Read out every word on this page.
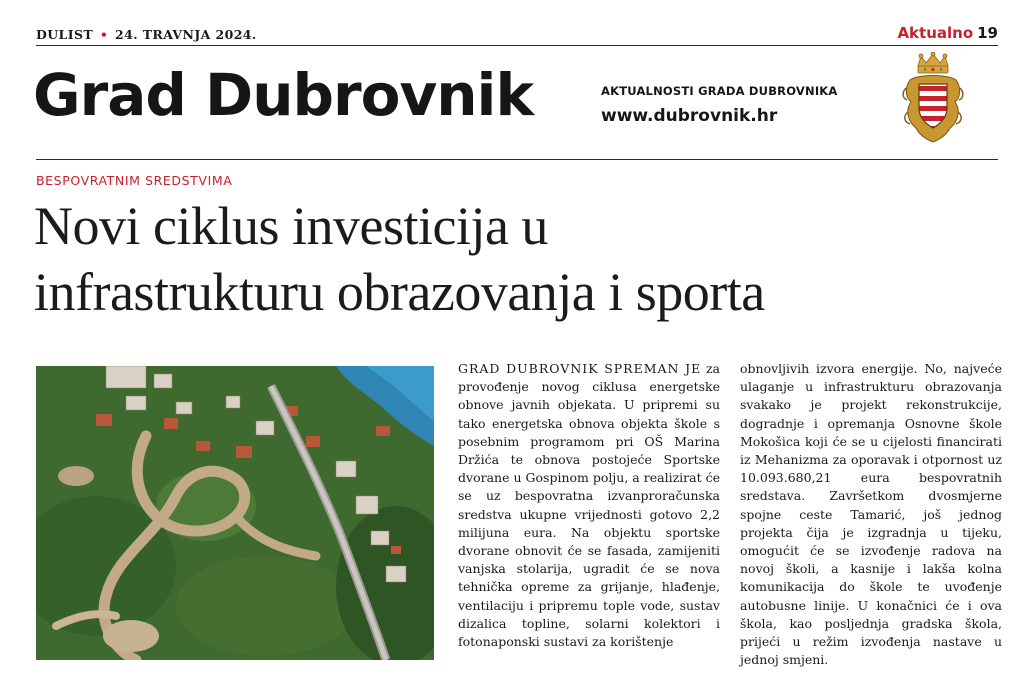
DULIST • 24. TRAVNJA 2024.	Aktualno 19
Grad Dubrovnik	AKTUALNOSTI GRADA DUBROVNIKA
www.dubrovnik.hr
BESPOVRATNIM SREDSTVIMA
Novi ciklus investicija u
infrastrukturu obrazovanja i sporta
GRAD DUBROVNIK SPREMAN JE za provođenje novog ciklusa energetske obnove javnih objekata. U pripremi su tako energetska obnova objekta škole s posebnim programom pri OŠ Marina Držića te obnova postojeće Sportske dvorane u Gospinom polju, a realizirat će se uz bespovratna izvanproračunska sredstva ukupne vrijednosti gotovo 2,2 milijuna eura. Na objektu sportske dvorane obnovit će se fasada, zamijeniti vanjska stolarija, ugradit će se nova tehnička opreme za grijanje, hlađenje, ventilaciju i pripremu tople vode, sustav dizalica topline, solarni kolektori i fotonaponski sustavi za korištenje
obnovljivih izvora energije. No, najveće ulaganje u infrastrukturu obrazovanja svakako je projekt rekonstrukcije, dogradnje i opremanja Osnovne škole Mokošica koji će se u cijelosti financirati iz Mehanizma za oporavak i otpornost uz 10.093.680,21 eura bespovratnih sredstava. Završetkom dvosmjerne spojne ceste Tamarić, još jednog projekta čija je izgradnja u tijeku, omogućit će se izvođenje radova na novoj školi, a kasnije i lakša kolna komunikacija do škole te uvođenje autobusne linije. U konačnici će i ova škola, kao posljednja gradska škola, prijeći u režim izvođenja nastave u jednoj smjeni.
